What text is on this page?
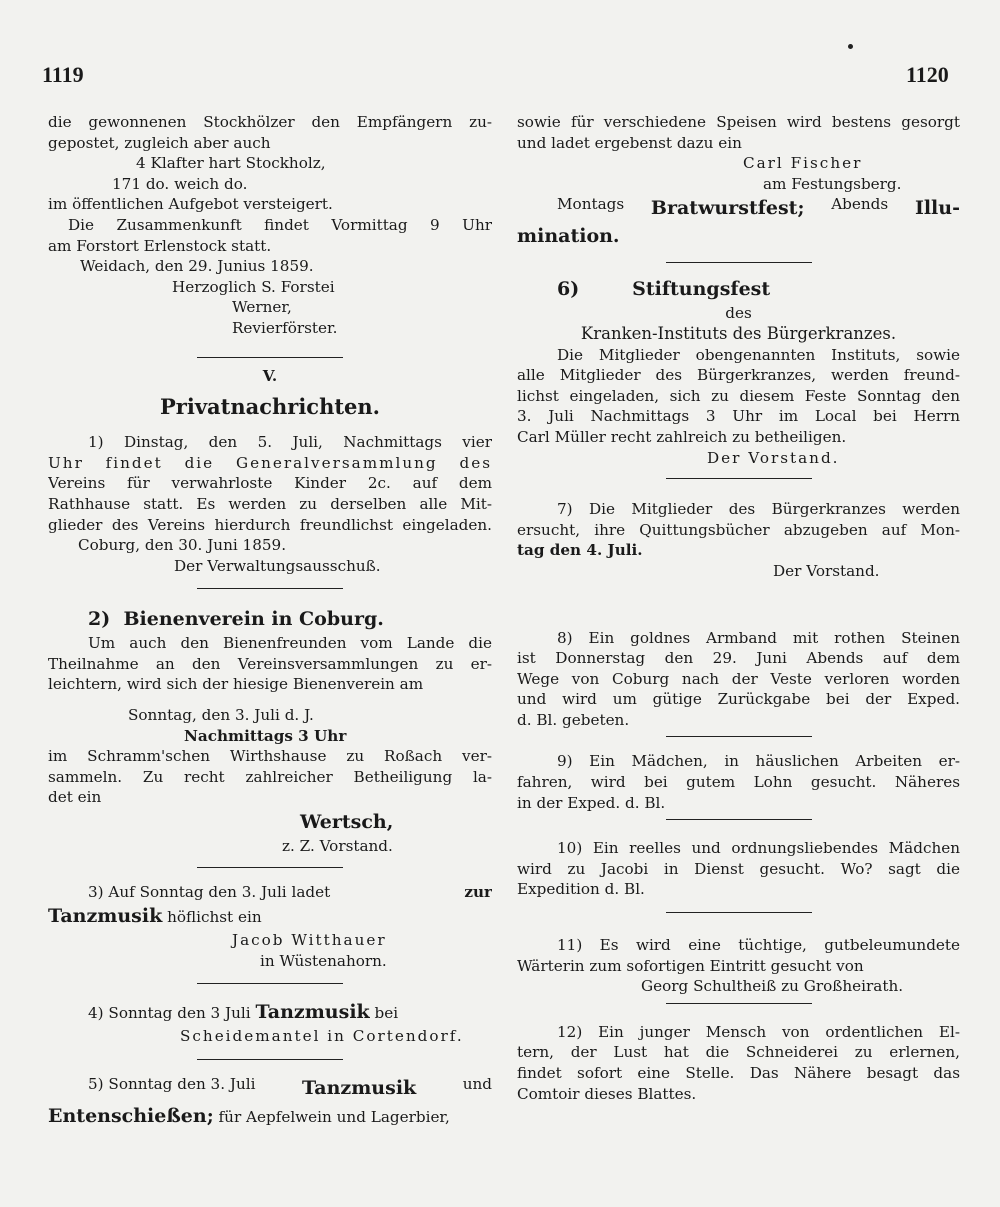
1119	1120
die gewonnenen Stockhölzer den Empfängern zu-
gepostet, zugleich aber auch
4 Klafter hart Stockholz,
171 do. weich do.
im öffentlichen Aufgebot versteigert.
Die Zusammenkunft findet Vormittag 9 Uhr
am Forstort Erlenstock statt.
Weidach, den 29. Junius 1859.
Herzoglich S. Forstei
Werner,
Revierförster.
V.
Privatnachrichten.
1) Dinstag, den 5. Juli, Nachmittags vier
Uhr findet die Generalversammlung des
Vereins für verwahrloste Kinder 2c. auf dem
Rathhause statt. Es werden zu derselben alle Mit-
glieder des Vereins hierdurch freundlichst eingeladen.
Coburg, den 30. Juni 1859.
Der Verwaltungsausschuß.
2) Bienenverein in Coburg.
Um auch den Bienenfreunden vom Lande die
Theilnahme an den Vereinsversammlungen zu er-
leichtern, wird sich der hiesige Bienenverein am
Sonntag, den 3. Juli d. J.
Nachmittags 3 Uhr
im Schramm'schen Wirthshause zu Roßach ver-
sammeln. Zu recht zahlreicher Betheiligung la-
det ein
Wertsch,
z. Z. Vorstand.
3) Auf Sonntag den 3. Juli ladet	zur
Tanzmusik höflichst ein
Jacob Witthauer
in Wüstenahorn.
4) Sonntag den 3 Juli Tanzmusik bei
Scheidemantel in Cortendorf.
5) Sonntag den 3. Juli Tanzmusik	und
Entenschießen; für Aepfelwein und Lagerbier,
sowie für verschiedene Speisen wird bestens gesorgt
und ladet ergebenst dazu ein
Carl Fischer
am Festungsberg.
Montags Bratwurstfest; Abends Illu-
mination.
6)	Stiftungsfest
des
Kranken-Instituts des Bürgerkranzes.
Die Mitglieder obengenannten Instituts, sowie
alle Mitglieder des Bürgerkranzes, werden freund-
lichst eingeladen, sich zu diesem Feste Sonntag den
3. Juli Nachmittags 3 Uhr im Local bei Herrn
Carl Müller recht zahlreich zu betheiligen.
Der Vorstand.
7) Die Mitglieder des Bürgerkranzes werden
ersucht, ihre Quittungsbücher abzugeben auf Mon-
tag den 4. Juli.
Der Vorstand.
8) Ein goldnes Armband mit rothen Steinen
ist Donnerstag den 29. Juni Abends auf dem
Wege von Coburg nach der Veste verloren worden
und wird um gütige Zurückgabe bei der Exped.
d. Bl. gebeten.
9) Ein Mädchen, in häuslichen Arbeiten er-
fahren, wird bei gutem Lohn gesucht. Näheres
in der Exped. d. Bl.
10) Ein reelles und ordnungsliebendes Mädchen
wird zu Jacobi in Dienst gesucht. Wo? sagt die
Expedition d. Bl.
11) Es wird eine tüchtige, gutbeleumundete
Wärterin zum sofortigen Eintritt gesucht von
Georg Schultheiß zu Großheirath.
12) Ein junger Mensch von ordentlichen El-
tern, der Lust hat die Schneiderei zu erlernen,
findet sofort eine Stelle. Das Nähere besagt das
Comtoir dieses Blattes.
